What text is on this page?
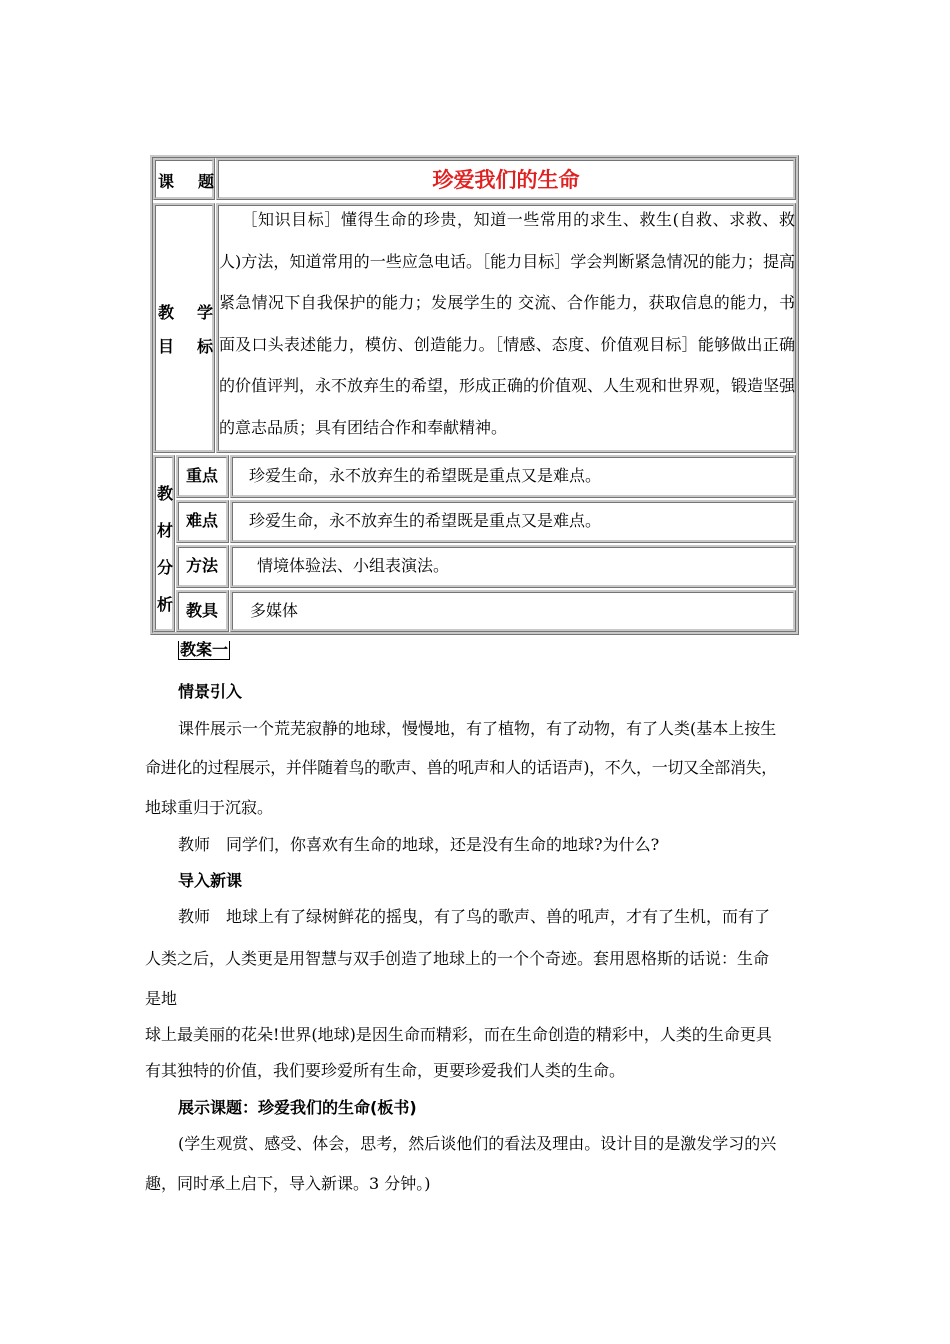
课 题	珍爱我们的生命
教 学
目 标
［知识目标］懂得生命的珍贵，知道一些常用的求生、救生(自救、求救、救人)方法，知道常用的一些应急电话。［能力目标］学会判断紧急情况的能力；提高紧急情况下自我保护的能力；发展学生的 交流、合作能力，获取信息的能力，书面及口头表述能力，模仿、创造能力。［情感、态度、价值观目标］能够做出正确的价值评判，永不放弃生的希望，形成正确的价值观、人生观和世界观，锻造坚强的意志品质；具有团结合作和奉献精神。
教
材
分
析
重点 珍爱生命，永不放弃生的希望既是重点又是难点。
难点 珍爱生命，永不放弃生的希望既是重点又是难点。
方法 情境体验法、小组表演法。
教具 多媒体
教案一
情景引入
课件展示一个荒芜寂静的地球，慢慢地，有了植物，有了动物，有了人类(基本上按生
命进化的过程展示，并伴随着鸟的歌声、兽的吼声和人的话语声)，不久，一切又全部消失，
地球重归于沉寂。
教师　同学们，你喜欢有生命的地球，还是没有生命的地球?为什么?
导入新课
教师　地球上有了绿树鲜花的摇曳，有了鸟的歌声、兽的吼声，才有了生机，而有了
人类之后，人类更是用智慧与双手创造了地球上的一个个奇迹。套用恩格斯的话说：生命
是地
球上最美丽的花朵!世界(地球)是因生命而精彩，而在生命创造的精彩中，人类的生命更具
有其独特的价值，我们要珍爱所有生命，更要珍爱我们人类的生命。
展示课题：珍爱我们的生命(板书)
(学生观赏、感受、体会，思考，然后谈他们的看法及理由。设计目的是激发学习的兴
趣，同时承上启下，导入新课。3 分钟。)
